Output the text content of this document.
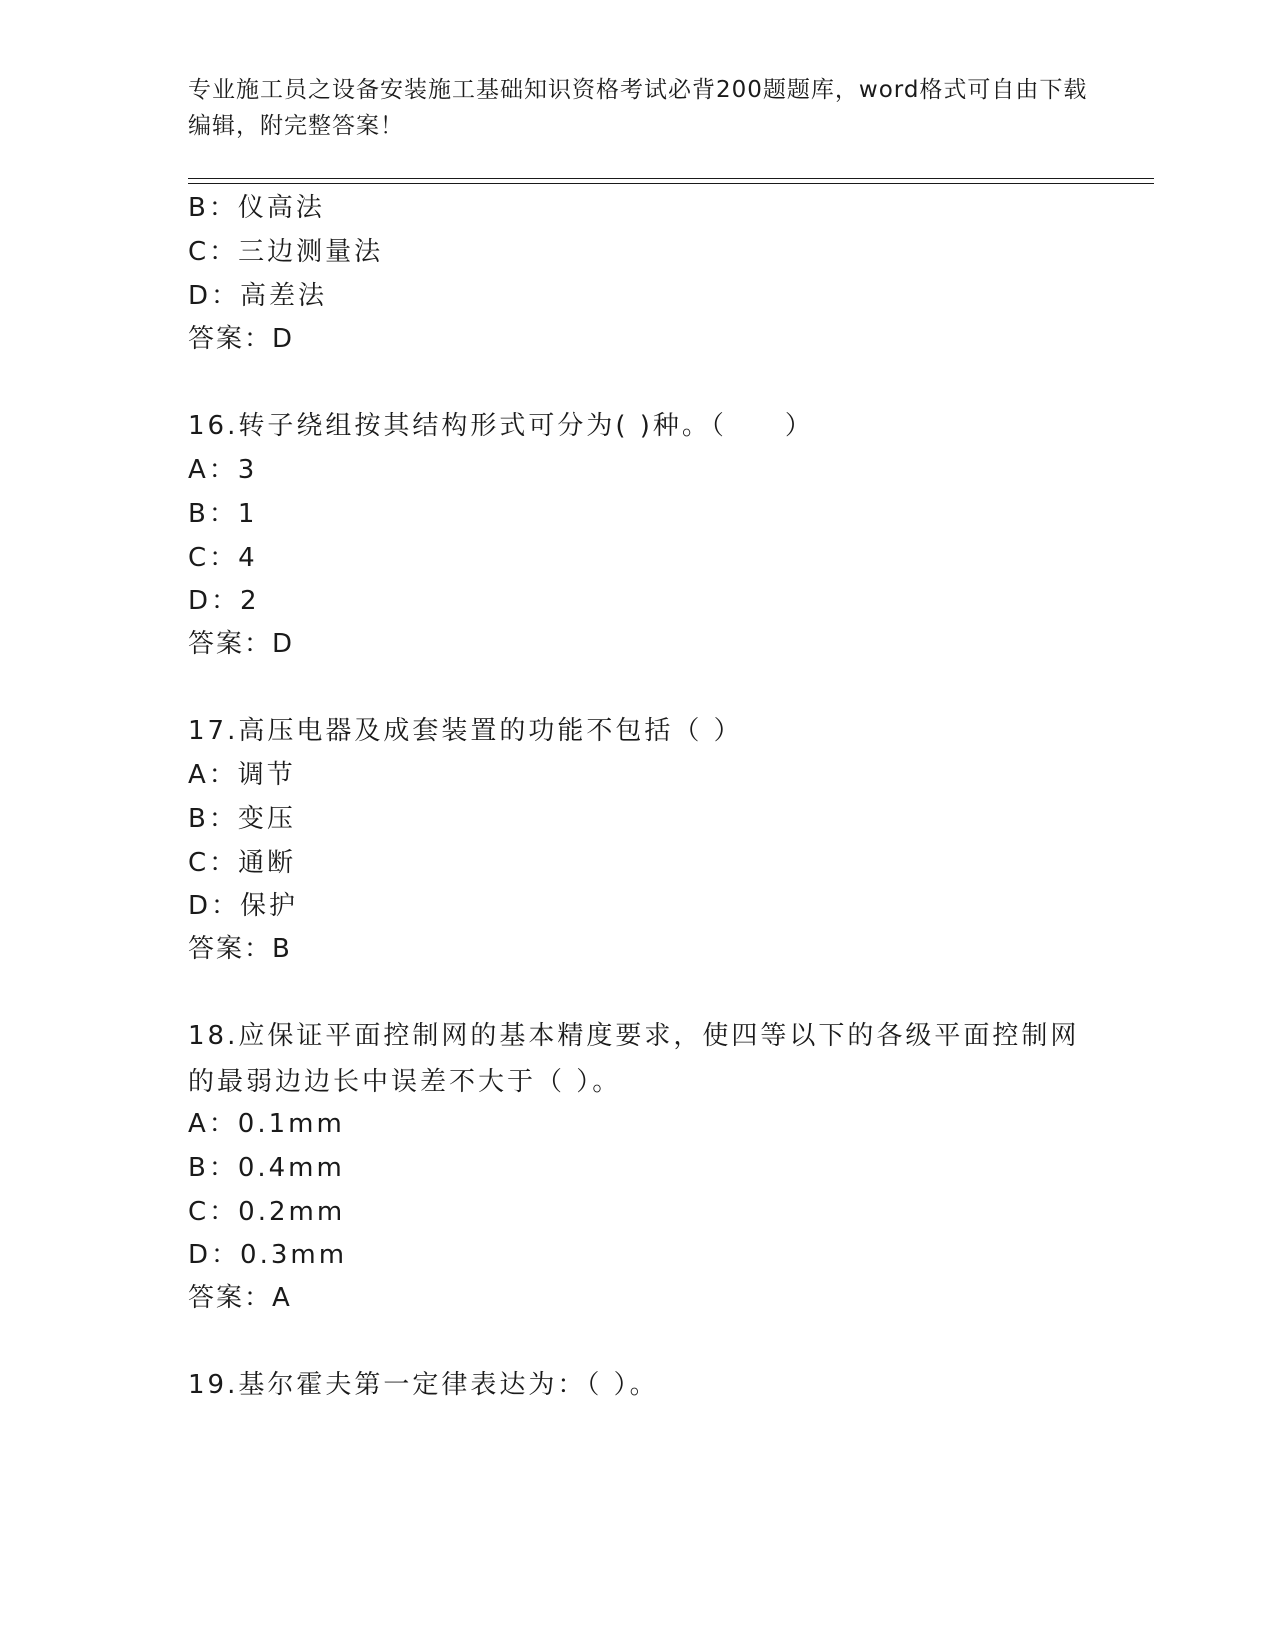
专业施工员之设备安装施工基础知识资格考试必背200题题库，word格式可自由下载编辑，附完整答案！
B：仪高法
C：三边测量法
D：高差法
答案：D
16.转子绕组按其结构形式可分为( )种。（　　）
A：3
B：1
C：4
D：2
答案：D
17.高压电器及成套装置的功能不包括（ ）
A：调节
B：变压
C：通断
D：保护
答案：B
18.应保证平面控制网的基本精度要求，使四等以下的各级平面控制网的最弱边边长中误差不大于（ ）。
A：0.1mm
B：0.4mm
C：0.2mm
D：0.3mm
答案：A
19.基尔霍夫第一定律表达为：（ ）。
